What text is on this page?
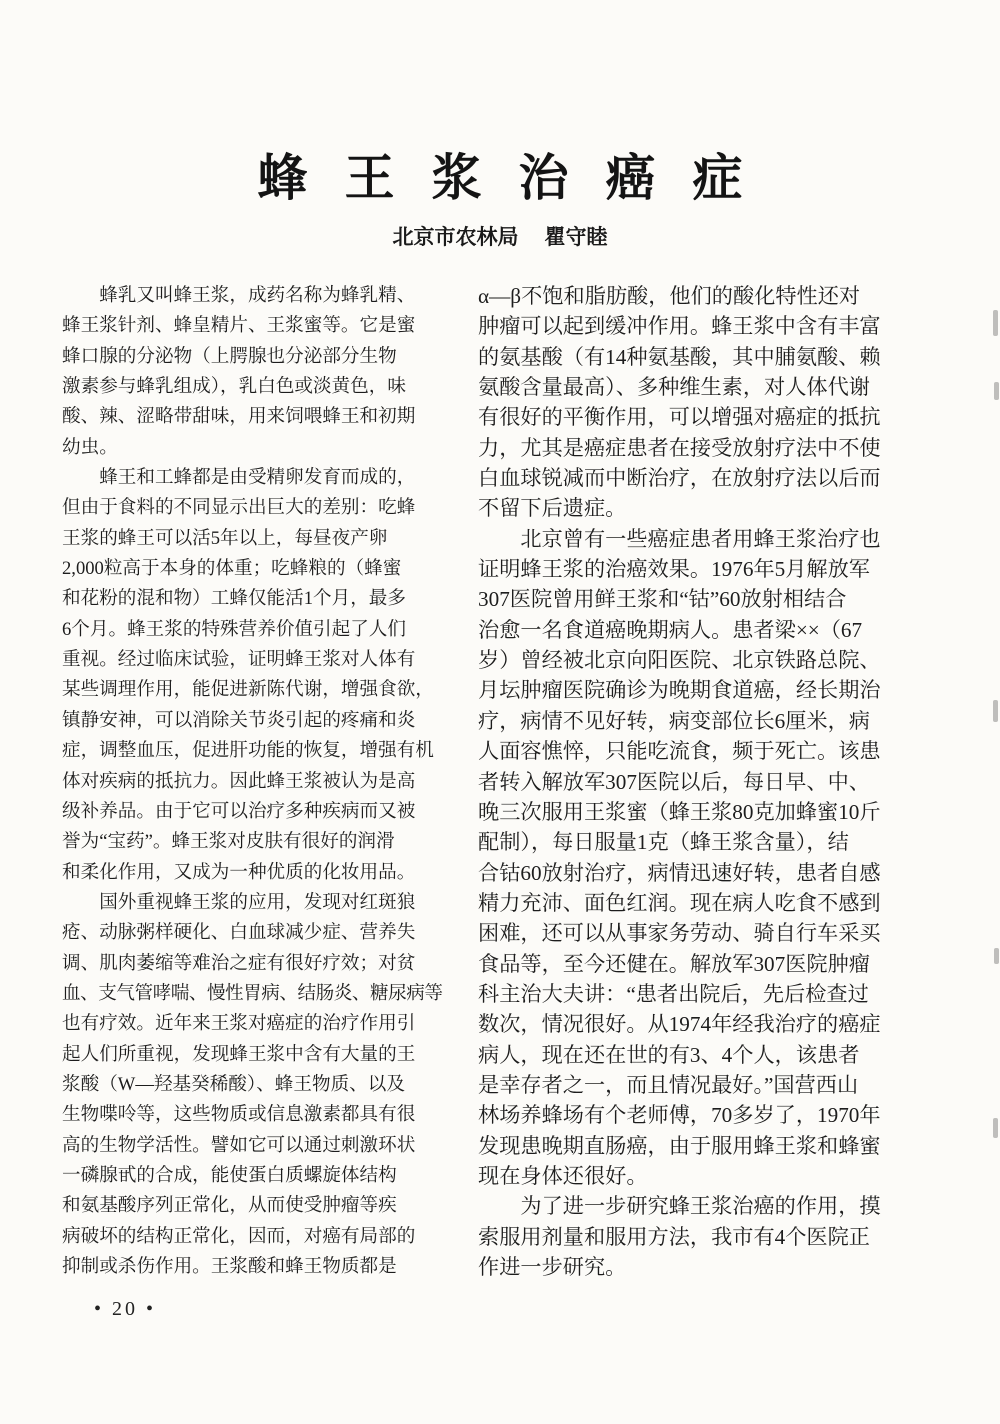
蜂王浆治癌症
北京市农林局 瞿守睦
蜂乳又叫蜂王浆，成药名称为蜂乳精、
蜂王浆针剂、蜂皇精片、王浆蜜等。它是蜜
蜂口腺的分泌物（上腭腺也分泌部分生物
激素参与蜂乳组成），乳白色或淡黄色，味
酸、辣、涩略带甜味，用来饲喂蜂王和初期
幼虫。
蜂王和工蜂都是由受精卵发育而成的，
但由于食料的不同显示出巨大的差别：吃蜂
王浆的蜂王可以活5年以上，每昼夜产卵
2,000粒高于本身的体重；吃蜂粮的（蜂蜜
和花粉的混和物）工蜂仅能活1个月，最多
6个月。蜂王浆的特殊营养价值引起了人们
重视。经过临床试验，证明蜂王浆对人体有
某些调理作用，能促进新陈代谢，增强食欲，
镇静安神，可以消除关节炎引起的疼痛和炎
症，调整血压，促进肝功能的恢复，增强有机
体对疾病的抵抗力。因此蜂王浆被认为是高
级补养品。由于它可以治疗多种疾病而又被
誉为“宝药”。蜂王浆对皮肤有很好的润滑
和柔化作用，又成为一种优质的化妆用品。
国外重视蜂王浆的应用，发现对红斑狼
疮、动脉粥样硬化、白血球减少症、营养失
调、肌肉萎缩等难治之症有很好疗效；对贫
血、支气管哮喘、慢性胃病、结肠炎、糖尿病等
也有疗效。近年来王浆对癌症的治疗作用引
起人们所重视，发现蜂王浆中含有大量的王
浆酸（W—羟基癸稀酸）、蜂王物质、以及
生物喋呤等，这些物质或信息激素都具有很
高的生物学活性。譬如它可以通过刺激环状
一磷腺甙的合成，能使蛋白质螺旋体结构
和氨基酸序列正常化，从而使受肿瘤等疾
病破坏的结构正常化，因而，对癌有局部的
抑制或杀伤作用。王浆酸和蜂王物质都是
α—β不饱和脂肪酸，他们的酸化特性还对
肿瘤可以起到缓冲作用。蜂王浆中含有丰富
的氨基酸（有14种氨基酸，其中脯氨酸、赖
氨酸含量最高）、多种维生素，对人体代谢
有很好的平衡作用，可以增强对癌症的抵抗
力，尤其是癌症患者在接受放射疗法中不使
白血球锐减而中断治疗，在放射疗法以后而
不留下后遗症。
北京曾有一些癌症患者用蜂王浆治疗也
证明蜂王浆的治癌效果。1976年5月解放军
307医院曾用鲜王浆和“钴”60放射相结合
治愈一名食道癌晚期病人。患者梁××（67
岁）曾经被北京向阳医院、北京铁路总院、
月坛肿瘤医院确诊为晚期食道癌，经长期治
疗，病情不见好转，病变部位长6厘米，病
人面容憔悴，只能吃流食，频于死亡。该患
者转入解放军307医院以后，每日早、中、
晚三次服用王浆蜜（蜂王浆80克加蜂蜜10斤
配制），每日服量1克（蜂王浆含量），结
合钴60放射治疗，病情迅速好转，患者自感
精力充沛、面色红润。现在病人吃食不感到
困难，还可以从事家务劳动、骑自行车采买
食品等，至今还健在。解放军307医院肿瘤
科主治大夫讲：“患者出院后，先后检查过
数次，情况很好。从1974年经我治疗的癌症
病人，现在还在世的有3、4个人，该患者
是幸存者之一，而且情况最好。”国营西山
林场养蜂场有个老师傅，70多岁了，1970年
发现患晚期直肠癌，由于服用蜂王浆和蜂蜜
现在身体还很好。
为了进一步研究蜂王浆治癌的作用，摸
索服用剂量和服用方法，我市有4个医院正
作进一步研究。
• 20 •
